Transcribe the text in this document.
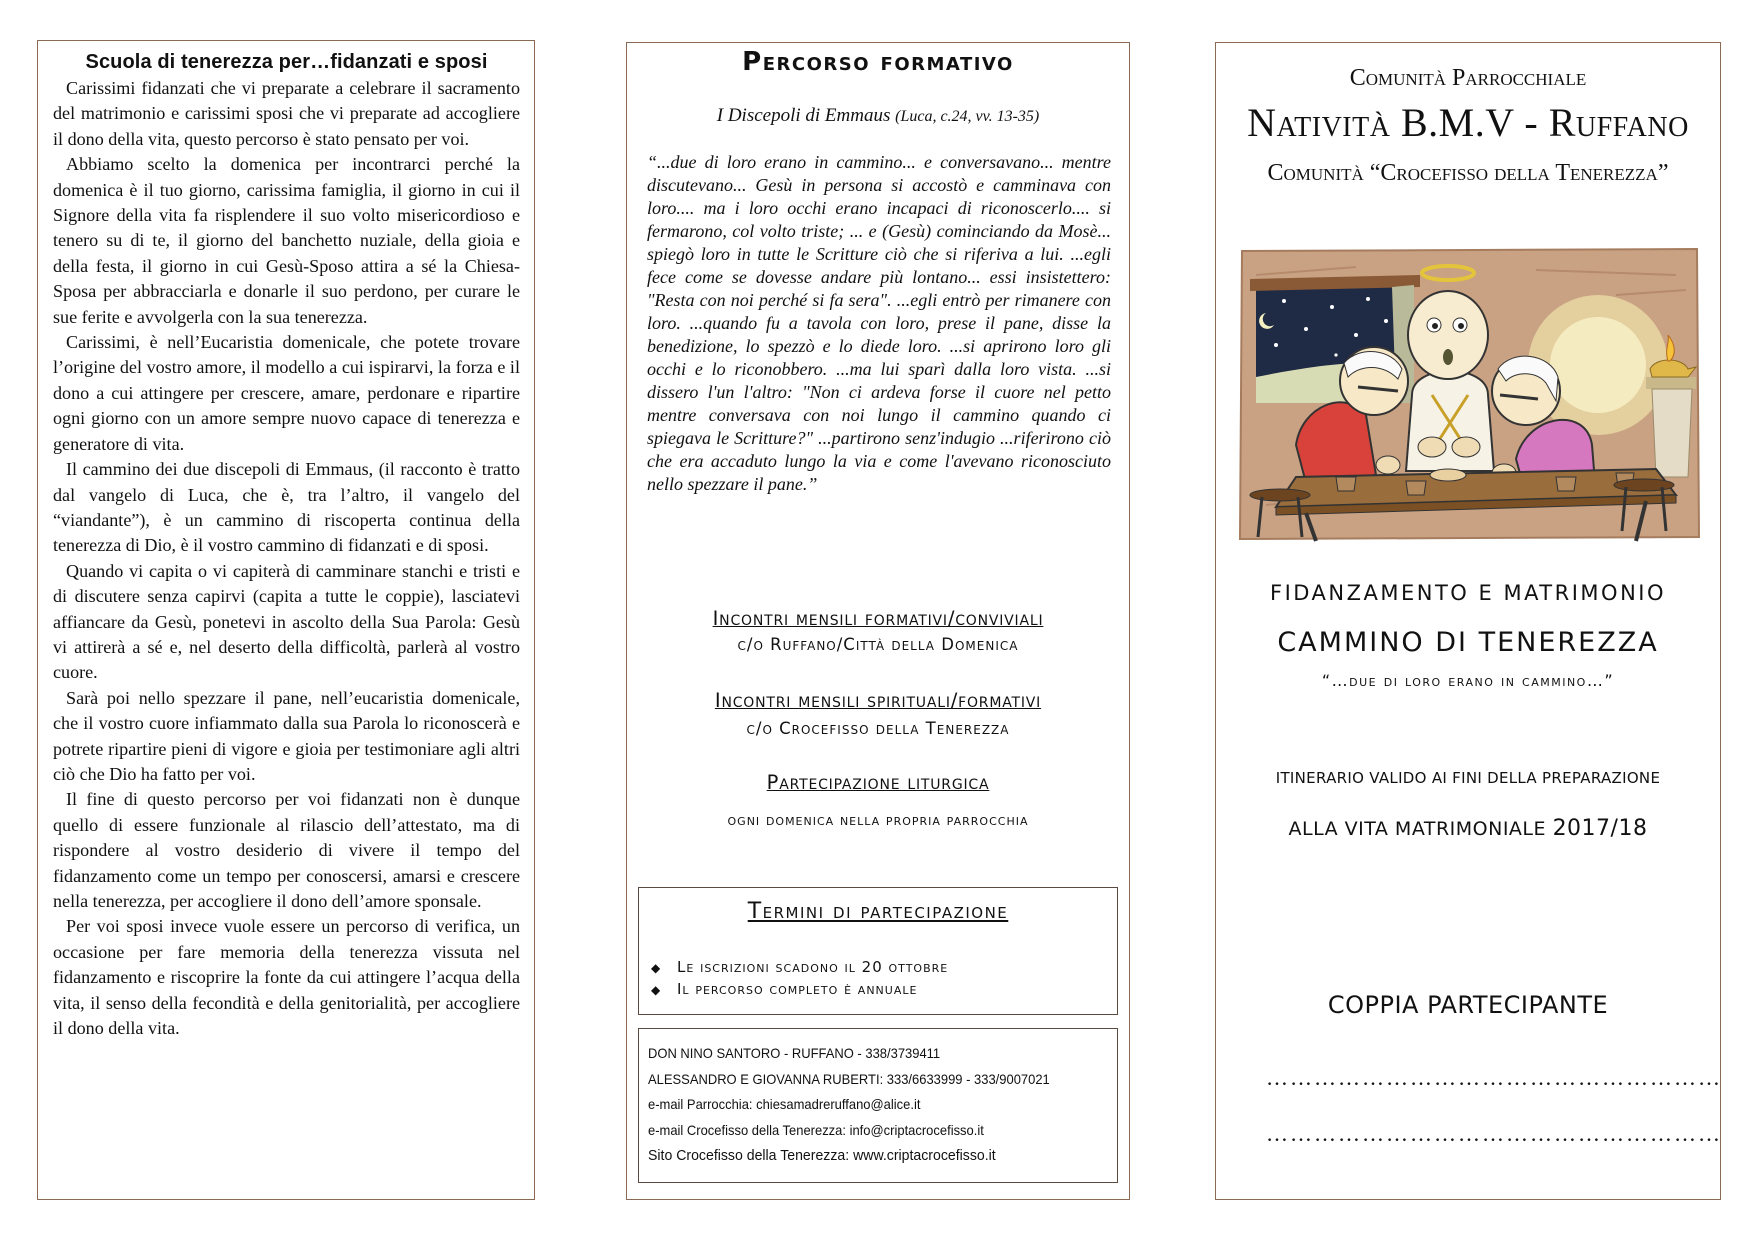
Scuola di tenerezza per…fidanzati e sposi

Carissimi fidanzati che vi preparate a celebrare il sacramento del matrimonio e carissimi sposi che vi preparate ad accogliere il dono della vita, questo percorso è stato pensato per voi.

Abbiamo scelto la domenica per incontrarci perché la domenica è il tuo giorno, carissima famiglia, il giorno in cui il Signore della vita fa risplendere il suo volto misericordioso e tenero su di te, il giorno del banchetto nuziale, della gioia e della festa, il giorno in cui Gesù-Sposo attira a sé la Chiesa-Sposa per abbracciarla e donarle il suo perdono, per curare le sue ferite e avvolgerla con la sua tenerezza.

Carissimi, è nell’Eucaristia domenicale, che potete trovare l’origine del vostro amore, il modello a cui ispirarvi, la forza e il dono a cui attingere per crescere, amare, perdonare e ripartire ogni giorno con un amore sempre nuovo capace di tenerezza e generatore di vita.

Il cammino dei due discepoli di Emmaus, (il racconto è tratto dal vangelo di Luca, che è, tra l’altro, il vangelo del “viandante”), è un cammino di riscoperta continua della tenerezza di Dio, è il vostro cammino di fidanzati e di sposi.

Quando vi capita o vi capiterà di camminare stanchi e tristi e di discutere senza capirvi (capita a tutte le coppie), lasciatevi affiancare da Gesù, ponetevi in ascolto della Sua Parola: Gesù vi attirerà a sé e, nel deserto della difficoltà, parlerà al vostro cuore.

Sarà poi nello spezzare il pane, nell’eucaristia domenicale, che il vostro cuore infiammato dalla sua Parola lo riconoscerà e potrete ripartire pieni di vigore e gioia per testimoniare agli altri ciò che Dio ha fatto per voi.

Il fine di questo percorso per voi fidanzati non è dunque quello di essere funzionale al rilascio dell’attestato, ma di rispondere al vostro desiderio di vivere il tempo del fidanzamento come un tempo per conoscersi, amarsi e crescere nella tenerezza, per accogliere il dono dell’amore sponsale.

Per voi sposi invece vuole essere un percorso di verifica, un occasione per fare memoria della tenerezza vissuta nel fidanzamento e riscoprire la fonte da cui attingere l’acqua della vita, il senso della fecondità e della genitorialità, per accogliere il dono della vita.

Percorso formativo
I Discepoli di Emmaus (Luca, c.24, vv. 13-35)

“...due di loro erano in cammino... e conversavano... mentre discutevano... Gesù in persona si accostò e camminava con loro.... ma i loro occhi erano incapaci di riconoscerlo.... si fermarono, col volto triste; ... e (Gesù) cominciando da Mosè... spiegò loro in tutte le Scritture ciò che si riferiva a lui. ...egli fece come se dovesse andare più lontano... essi insistettero: "Resta con noi perché si fa sera". ...egli entrò per rimanere con loro. ...quando fu a tavola con loro, prese il pane, disse la benedizione, lo spezzò e lo diede loro. ...si aprirono loro gli occhi e lo riconobbero. ...ma lui sparì dalla loro vista. ...si dissero l'un l'altro: "Non ci ardeva forse il cuore nel petto mentre conversava con noi lungo il cammino quando ci spiegava le Scritture?" ...partirono senz'indugio ...riferirono ciò che era accaduto lungo la via e come l'avevano riconosciuto nello spezzare il pane.”

Incontri mensili formativi/conviviali
c/o Ruffano/Città della Domenica
Incontri mensili spirituali/formativi
c/o Crocefisso della Tenerezza
Partecipazione liturgica
ogni domenica nella propria parrocchia
Termini di partecipazione
◆ Le iscrizioni scadono il 20 ottobre
◆ Il percorso completo è annuale
DON NINO SANTORO - RUFFANO - 338/3739411
ALESSANDRO E GIOVANNA RUBERTI: 333/6633999 - 333/9007021
e-mail Parrocchia: chiesamadreruffano@alice.it
e-mail Crocefisso della Tenerezza: info@criptacrocefisso.it
Sito Crocefisso della Tenerezza: www.criptacrocefisso.it
Comunità Parrocchiale
Natività B.M.V - Ruffano
Comunità “Crocefisso della Tenerezza”
FIDANZAMENTO E MATRIMONIO
CAMMINO DI TENEREZZA
“…due di loro erano in cammino…”
ITINERARIO VALIDO AI FINI DELLA PREPARAZIONE
ALLA VITA MATRIMONIALE 2017/18
COPPIA PARTECIPANTE
…………………………………………………
…………………………………………………
